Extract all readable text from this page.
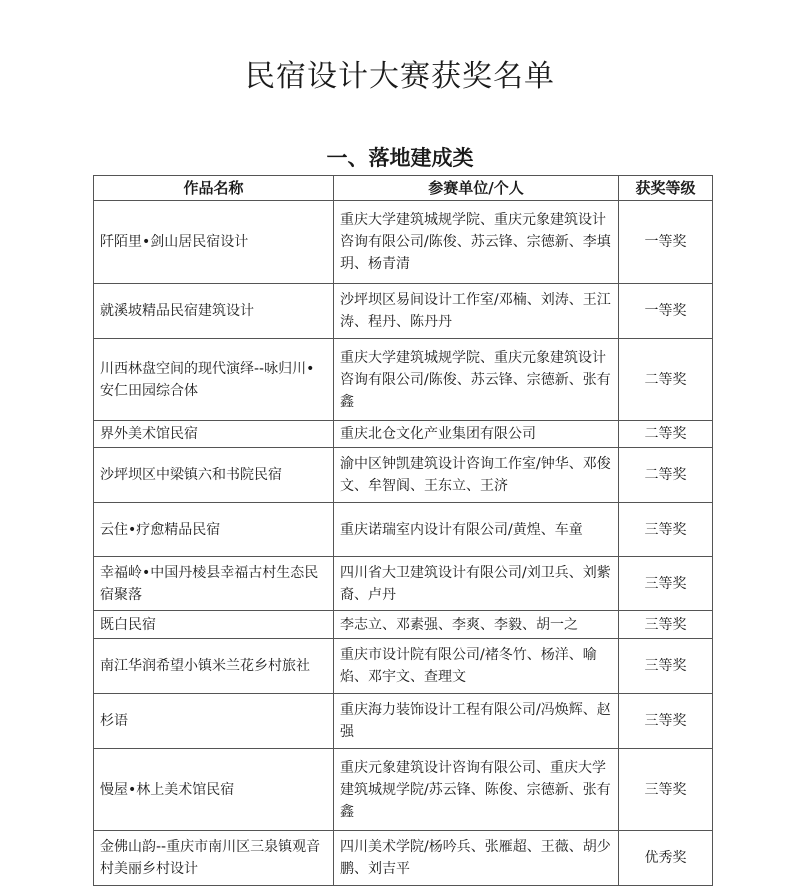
民宿设计大赛获奖名单
一、落地建成类
作品名称	参赛单位/个人	获奖等级
阡陌里•剑山居民宿设计	重庆大学建筑城规学院、重庆元象建筑设计咨询有限公司/陈俊、苏云锋、宗德新、李填玥、杨青清	一等奖
就溪坡精品民宿建筑设计	沙坪坝区易间设计工作室/邓楠、刘涛、王江涛、程丹、陈丹丹	一等奖
川西林盘空间的现代演绎--咏归川•安仁田园综合体	重庆大学建筑城规学院、重庆元象建筑设计咨询有限公司/陈俊、苏云锋、宗德新、张有鑫	二等奖
界外美术馆民宿	重庆北仓文化产业集团有限公司	二等奖
沙坪坝区中梁镇六和书院民宿	渝中区钟凯建筑设计咨询工作室/钟华、邓俊文、牟智阆、王东立、王济	二等奖
云住•疗愈精品民宿	重庆诺瑞室内设计有限公司/黄煌、车童	三等奖
幸福岭•中国丹棱县幸福古村生态民宿聚落	四川省大卫建筑设计有限公司/刘卫兵、刘紫裔、卢丹	三等奖
既白民宿	李志立、邓素强、李爽、李毅、胡一之	三等奖
南江华润希望小镇米兰花乡村旅社	重庆市设计院有限公司/褚冬竹、杨洋、喻焰、邓宇文、查理文	三等奖
杉语	重庆海力装饰设计工程有限公司/冯焕辉、赵强	三等奖
慢屋•林上美术馆民宿	重庆元象建筑设计咨询有限公司、重庆大学建筑城规学院/苏云锋、陈俊、宗德新、张有鑫	三等奖
金佛山韵--重庆市南川区三泉镇观音村美丽乡村设计	四川美术学院/杨吟兵、张雁超、王薇、胡少鹏、刘吉平	优秀奖
